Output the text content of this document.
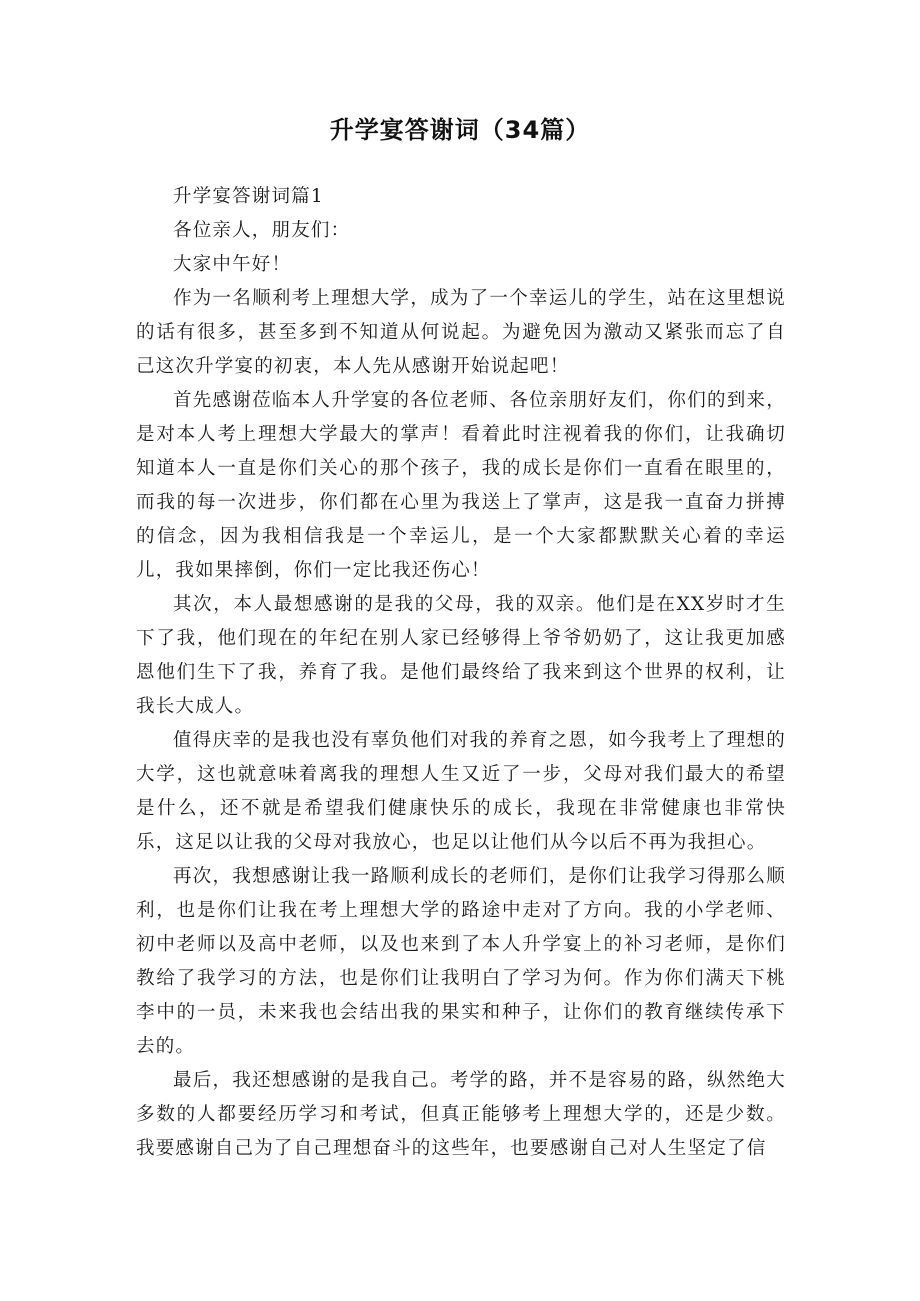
升学宴答谢词（34篇）

升学宴答谢词篇1

各位亲人，朋友们：

大家中午好！

作为一名顺利考上理想大学，成为了一个幸运儿的学生，站在这里想说的话有很多，甚至多到不知道从何说起。为避免因为激动又紧张而忘了自己这次升学宴的初衷，本人先从感谢开始说起吧！

首先感谢莅临本人升学宴的各位老师、各位亲朋好友们，你们的到来，是对本人考上理想大学最大的掌声！看着此时注视着我的你们，让我确切知道本人一直是你们关心的那个孩子，我的成长是你们一直看在眼里的，而我的每一次进步，你们都在心里为我送上了掌声，这是我一直奋力拼搏的信念，因为我相信我是一个幸运儿，是一个大家都默默关心着的幸运儿，我如果摔倒，你们一定比我还伤心！

其次，本人最想感谢的是我的父母，我的双亲。他们是在XX岁时才生下了我，他们现在的年纪在别人家已经够得上爷爷奶奶了，这让我更加感恩他们生下了我，养育了我。是他们最终给了我来到这个世界的权利，让我长大成人。

值得庆幸的是我也没有辜负他们对我的养育之恩，如今我考上了理想的大学，这也就意味着离我的理想人生又近了一步，父母对我们最大的希望是什么，还不就是希望我们健康快乐的成长，我现在非常健康也非常快乐，这足以让我的父母对我放心，也足以让他们从今以后不再为我担心。

再次，我想感谢让我一路顺利成长的老师们，是你们让我学习得那么顺利，也是你们让我在考上理想大学的路途中走对了方向。我的小学老师、初中老师以及高中老师，以及也来到了本人升学宴上的补习老师，是你们教给了我学习的方法，也是你们让我明白了学习为何。作为你们满天下桃李中的一员，未来我也会结出我的果实和种子，让你们的教育继续传承下去的。

最后，我还想感谢的是我自己。考学的路，并不是容易的路，纵然绝大多数的人都要经历学习和考试，但真正能够考上理想大学的，还是少数。我要感谢自己为了自己理想奋斗的这些年，也要感谢自己对人生坚定了信
